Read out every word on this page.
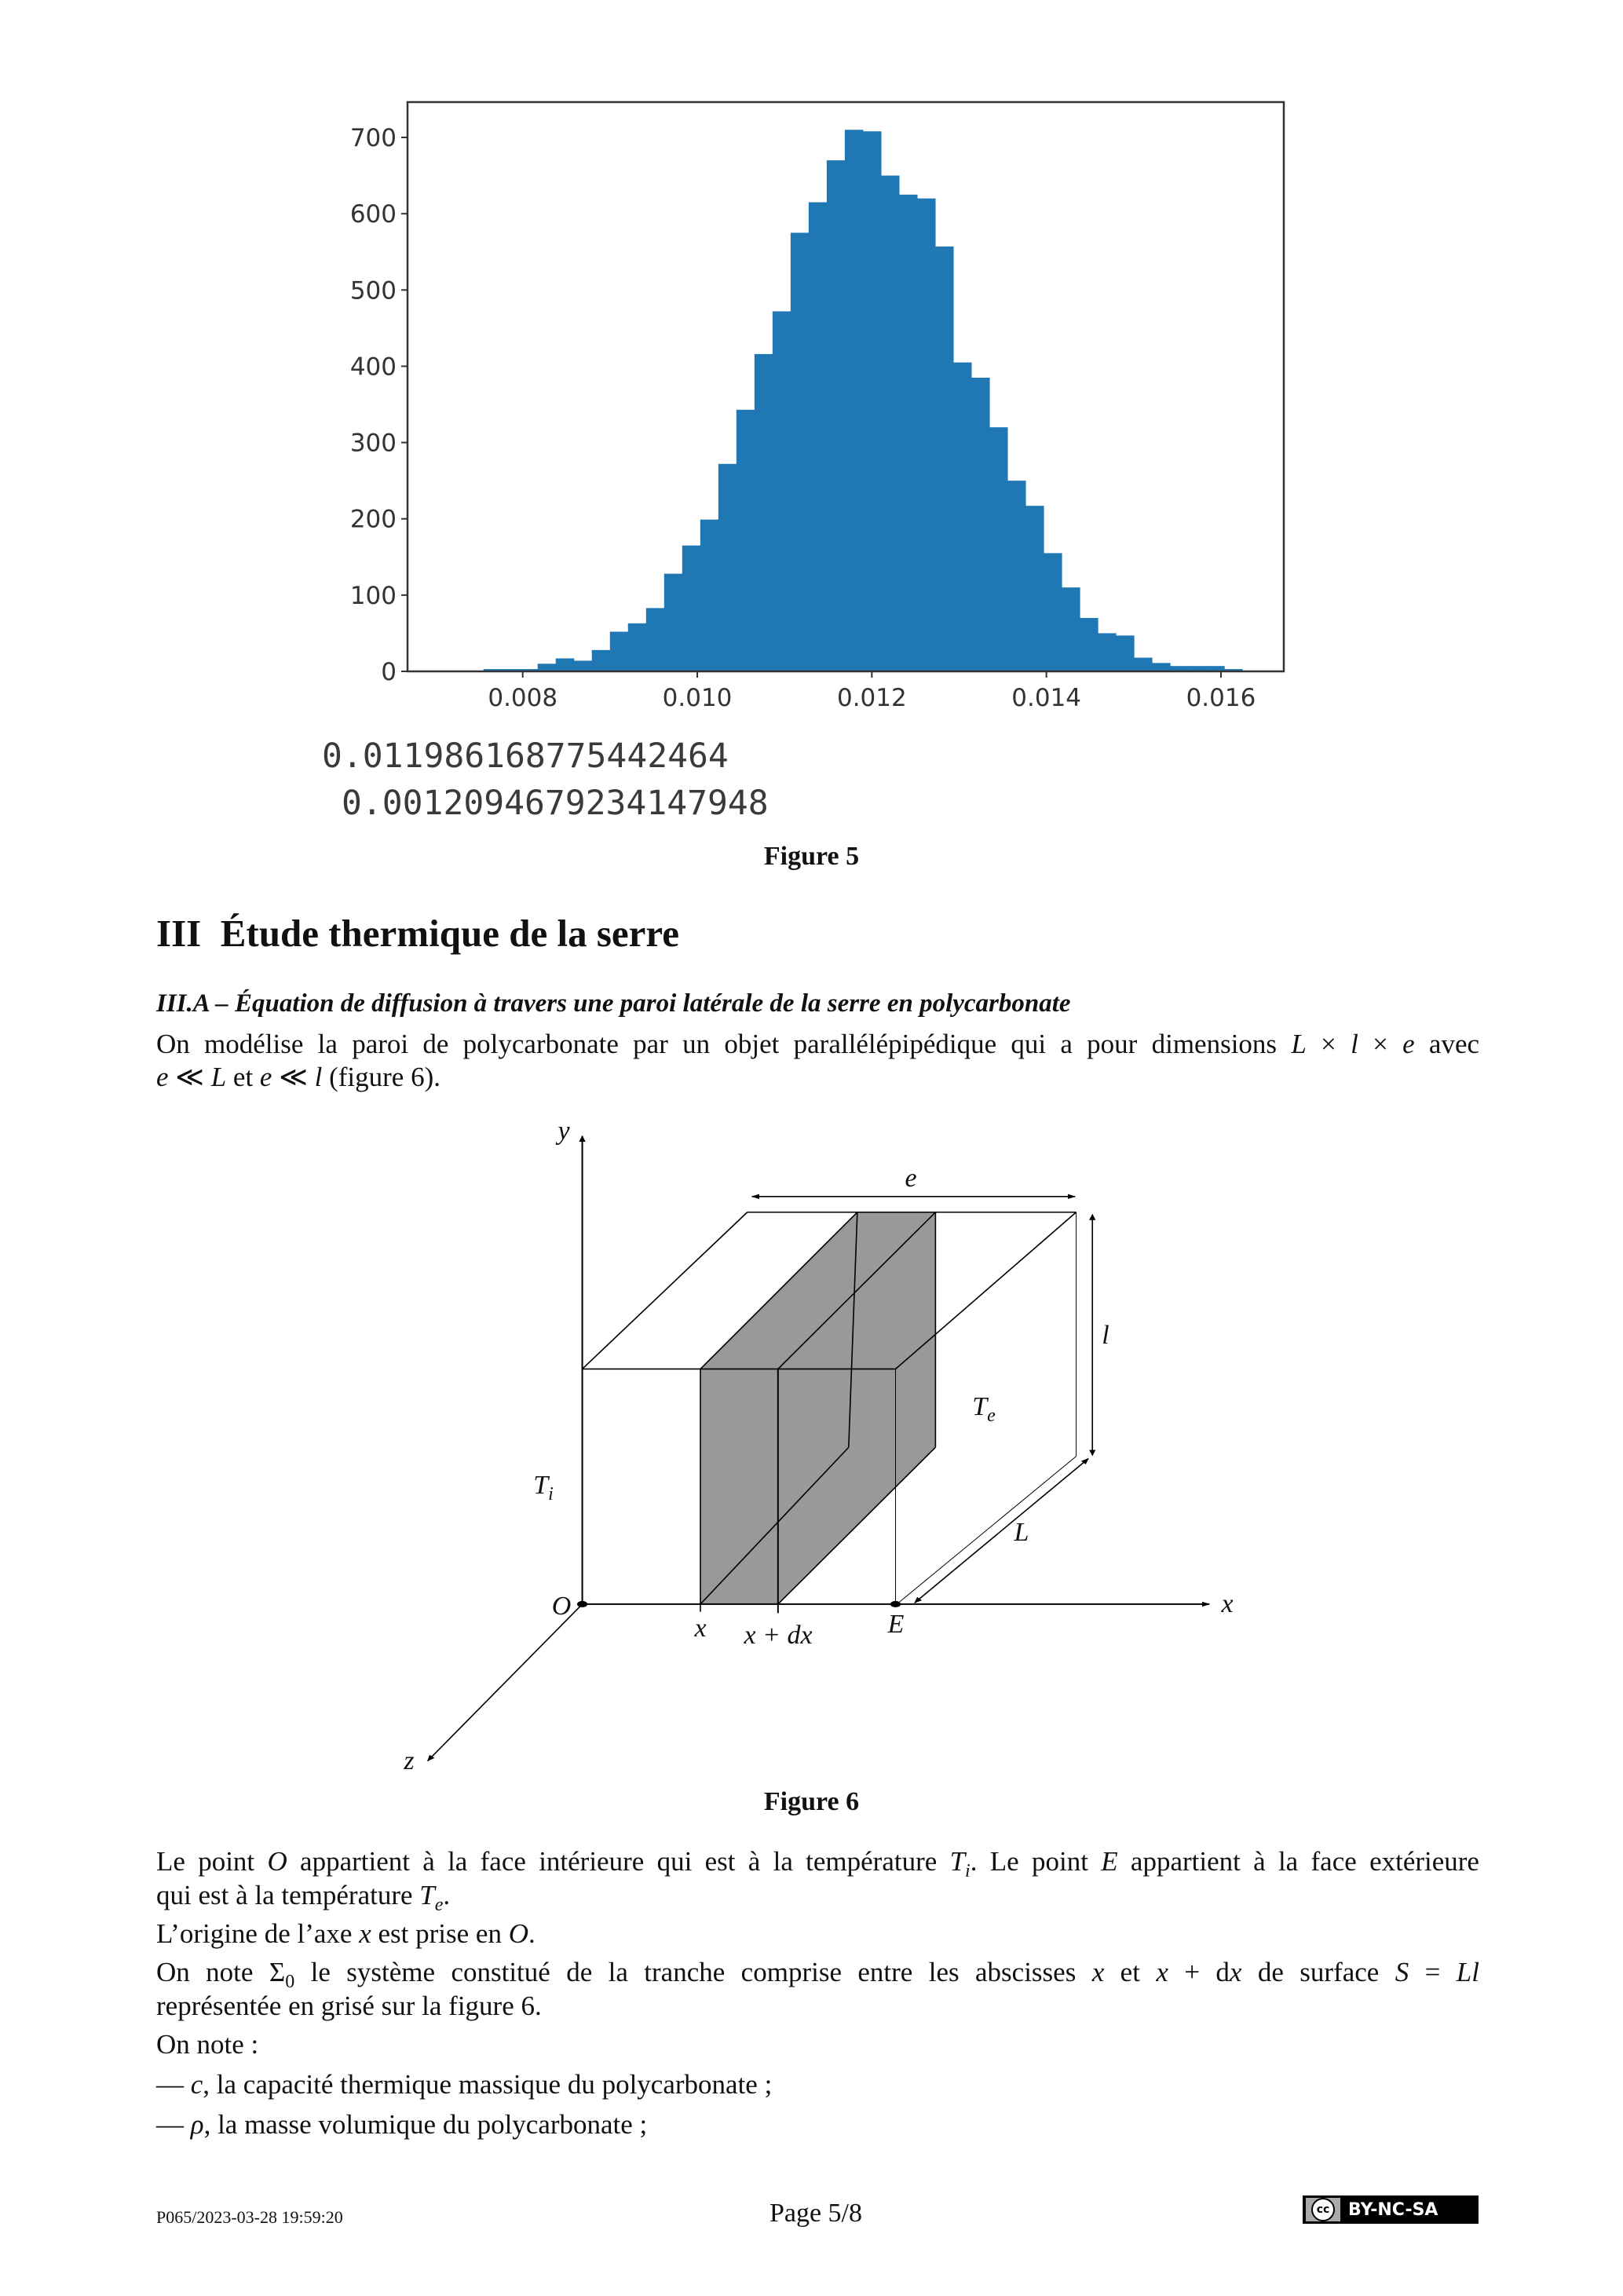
0
100
200
300
400
500
600
700
0.008	0.010	0.012	0.014	0.016
0.011986168775442464
0.0012094679234147948
Figure 5
III  Étude thermique de la serre
III.A – Équation de diffusion à travers une paroi latérale de la serre en polycarbonate
On modélise la paroi de polycarbonate par un objet parallélépipédique qui a pour dimensions L × l × e avec
e ≪ L et e ≪ l (figure 6).
y
x
z
e
l
L
$T_e$
$T_i$
O
x x + dx	E
Figure 6
Le point O appartient à la face intérieure qui est à la température $T_i$. Le point E appartient à la face extérieure
qui est à la température $T_e$.
L’origine de l’axe x est prise en O.
On note $\Sigma_0$ le système constitué de la tranche comprise entre les abscisses x et x + dx de surface S = Ll
représentée en grisé sur la figure 6.
On note :
— c, la capacité thermique massique du polycarbonate ;
— ρ, la masse volumique du polycarbonate ;
P065/2023-03-28 19:59:20	Page 5/8	cc	BY-NC-SA
